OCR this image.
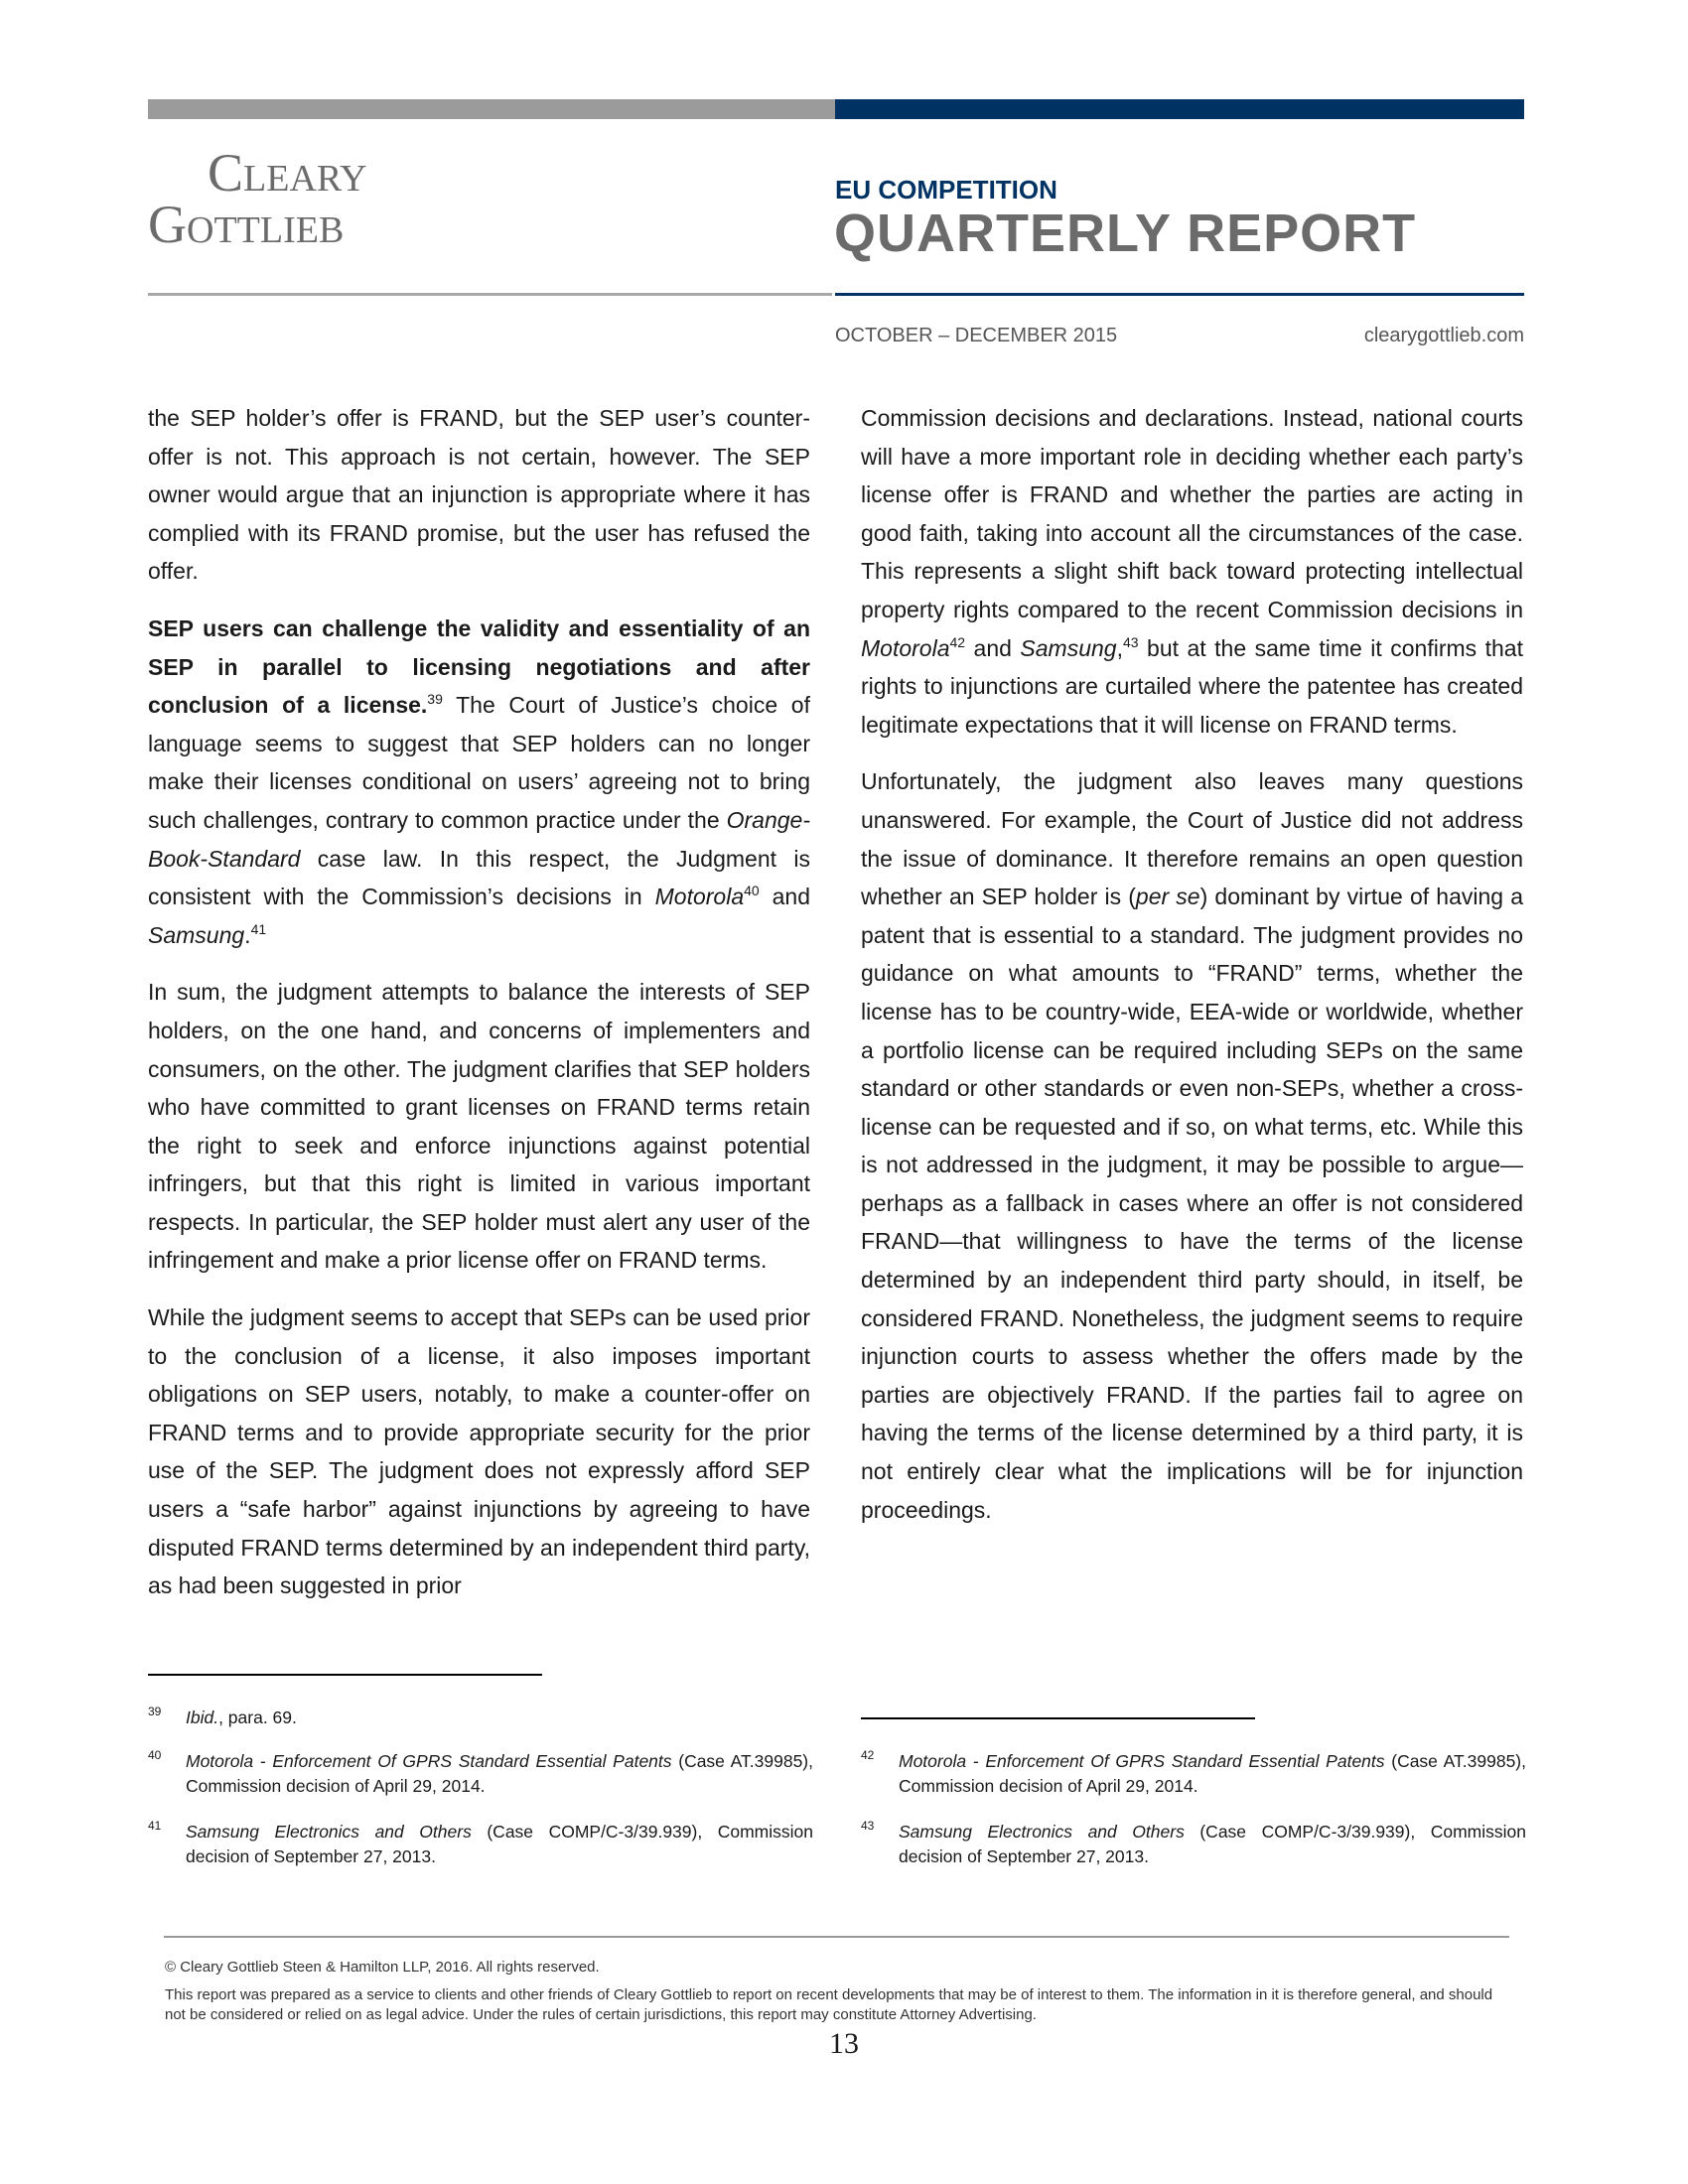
Cleary
Gottlieb
EU COMPETITION
QUARTERLY REPORT
OCTOBER – DECEMBER 2015	clearygottlieb.com

the SEP holder’s offer is FRAND, but the SEP user’s counter-offer is not. This approach is not certain, however. The SEP owner would argue that an injunction is appropriate where it has complied with its FRAND promise, but the user has refused the offer.

SEP users can challenge the validity and essentiality of an SEP in parallel to licensing negotiations and after conclusion of a license.$^{39}$ The Court of Justice’s choice of language seems to suggest that SEP holders can no longer make their licenses conditional on users’ agreeing not to bring such challenges, contrary to common practice under the Orange-Book-Standard case law. In this respect, the Judgment is consistent with the Commission’s decisions in Motorola$^{40}$ and Samsung.$^{41}$

In sum, the judgment attempts to balance the interests of SEP holders, on the one hand, and concerns of implementers and consumers, on the other. The judgment clarifies that SEP holders who have committed to grant licenses on FRAND terms retain the right to seek and enforce injunctions against potential infringers, but that this right is limited in various important respects. In particular, the SEP holder must alert any user of the infringement and make a prior license offer on FRAND terms.

While the judgment seems to accept that SEPs can be used prior to the conclusion of a license, it also imposes important obligations on SEP users, notably, to make a counter-offer on FRAND terms and to provide appropriate security for the prior use of the SEP. The judgment does not expressly afford SEP users a “safe harbor” against injunctions by agreeing to have disputed FRAND terms determined by an independent third party, as had been suggested in prior

Commission decisions and declarations. Instead, national courts will have a more important role in deciding whether each party’s license offer is FRAND and whether the parties are acting in good faith, taking into account all the circumstances of the case. This represents a slight shift back toward protecting intellectual property rights compared to the recent Commission decisions in Motorola$^{42}$ and Samsung,$^{43}$ but at the same time it confirms that rights to injunctions are curtailed where the patentee has created legitimate expectations that it will license on FRAND terms.

Unfortunately, the judgment also leaves many questions unanswered. For example, the Court of Justice did not address the issue of dominance. It therefore remains an open question whether an SEP holder is (per se) dominant by virtue of having a patent that is essential to a standard. The judgment provides no guidance on what amounts to “FRAND” terms, whether the license has to be country-wide, EEA-wide or worldwide, whether a portfolio license can be required including SEPs on the same standard or other standards or even non-SEPs, whether a cross-license can be requested and if so, on what terms, etc. While this is not addressed in the judgment, it may be possible to argue—perhaps as a fallback in cases where an offer is not considered FRAND—that willingness to have the terms of the license determined by an independent third party should, in itself, be considered FRAND. Nonetheless, the judgment seems to require injunction courts to assess whether the offers made by the parties are objectively FRAND. If the parties fail to agree on having the terms of the license determined by a third party, it is not entirely clear what the implications will be for injunction proceedings.

39 Ibid., para. 69.
40 Motorola - Enforcement Of GPRS Standard Essential Patents (Case AT.39985), Commission decision of April 29, 2014.
41 Samsung Electronics and Others (Case COMP/C-3/39.939), Commission decision of September 27, 2013.
42 Motorola - Enforcement Of GPRS Standard Essential Patents (Case AT.39985), Commission decision of April 29, 2014.
43 Samsung Electronics and Others (Case COMP/C-3/39.939), Commission decision of September 27, 2013.
© Cleary Gottlieb Steen & Hamilton LLP, 2016. All rights reserved.
This report was prepared as a service to clients and other friends of Cleary Gottlieb to report on recent developments that may be of interest to them. The information in it is therefore general, and should not be considered or relied on as legal advice. Under the rules of certain jurisdictions, this report may constitute Attorney Advertising.
13
